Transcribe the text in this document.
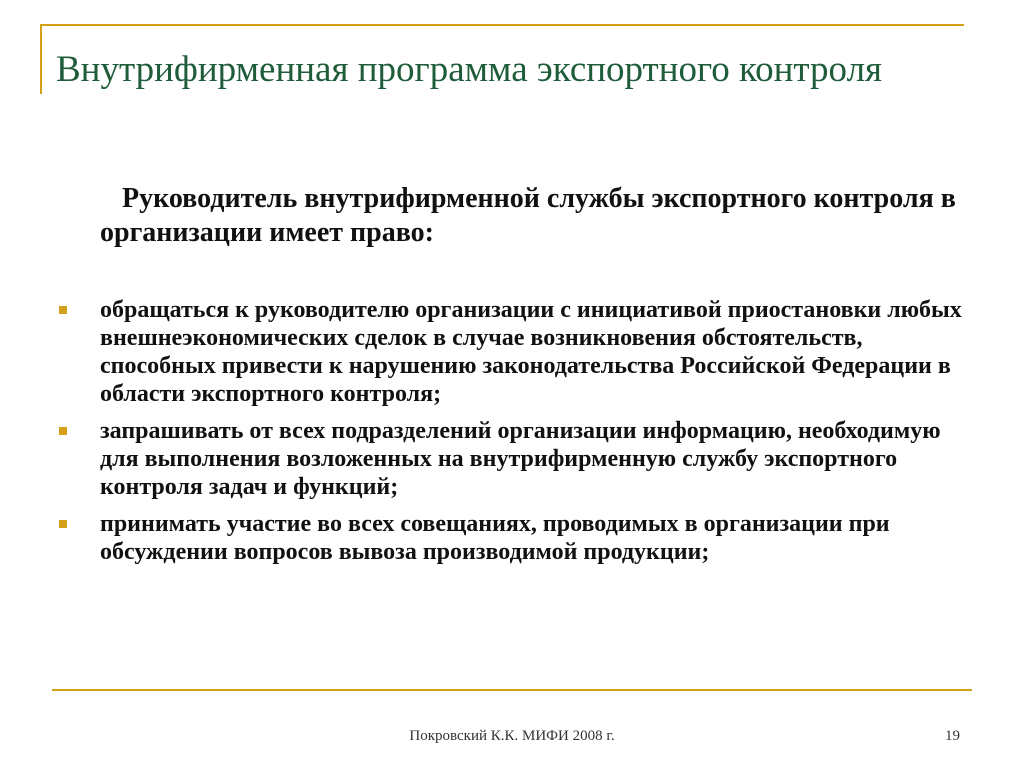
Внутрифирменная программа экспортного контроля
Руководитель внутрифирменной службы экспортного контроля в организации имеет право:
обращаться к руководителю организации с инициативой приостановки любых внешнеэкономических сделок в случае возникновения обстоятельств, способных привести к нарушению законодательства Российской Федерации в области экспортного контроля;
запрашивать от всех подразделений организации информацию, необходимую для выполнения возложенных на внутрифирменную службу экспортного контроля задач и функций;
принимать участие во всех совещаниях, проводимых в организации при обсуждении вопросов вывоза производимой продукции;
Покровский К.К. МИФИ 2008 г.	19
